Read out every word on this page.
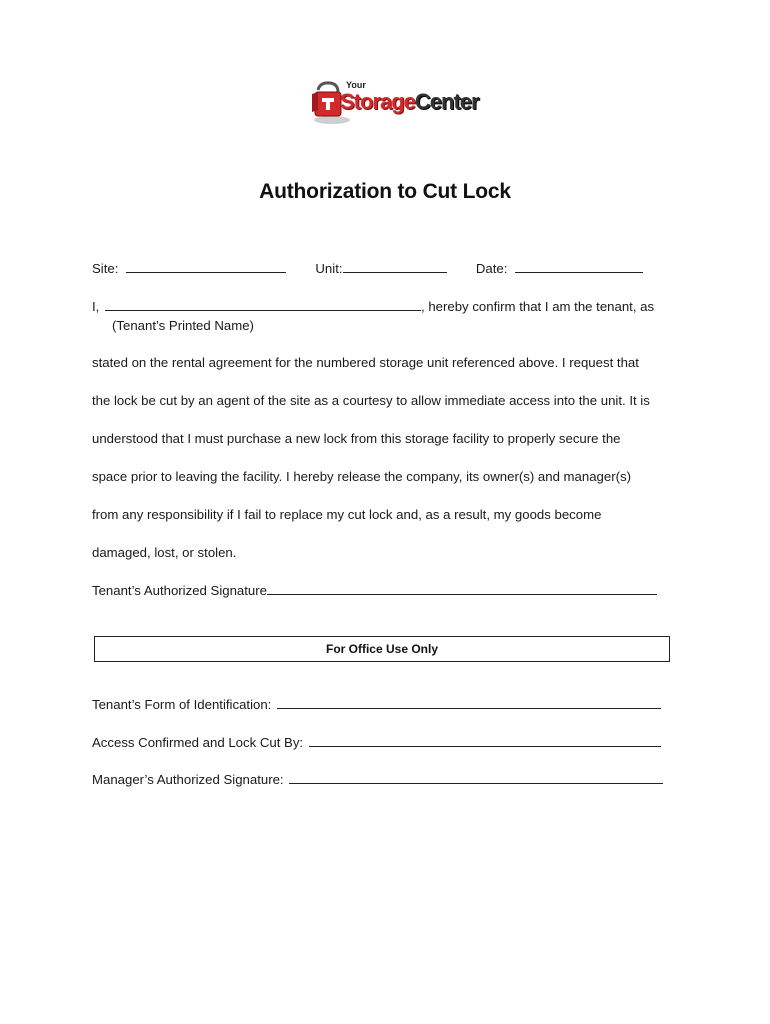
Your
StorageCenter
Authorization to Cut Lock
Site:	Unit:	Date:
I,	, hereby confirm that I am the tenant, as
(Tenant’s Printed Name)
stated on the rental agreement for the numbered storage unit referenced above. I request that
the lock be cut by an agent of the site as a courtesy to allow immediate access into the unit. It is
understood that I must purchase a new lock from this storage facility to properly secure the
space prior to leaving the facility. I hereby release the company, its owner(s) and manager(s)
from any responsibility if I fail to replace my cut lock and, as a result, my goods become
damaged, lost, or stolen.
Tenant’s Authorized Signature
For Office Use Only
Tenant’s Form of Identification:
Access Confirmed and Lock Cut By:
Manager’s Authorized Signature:
